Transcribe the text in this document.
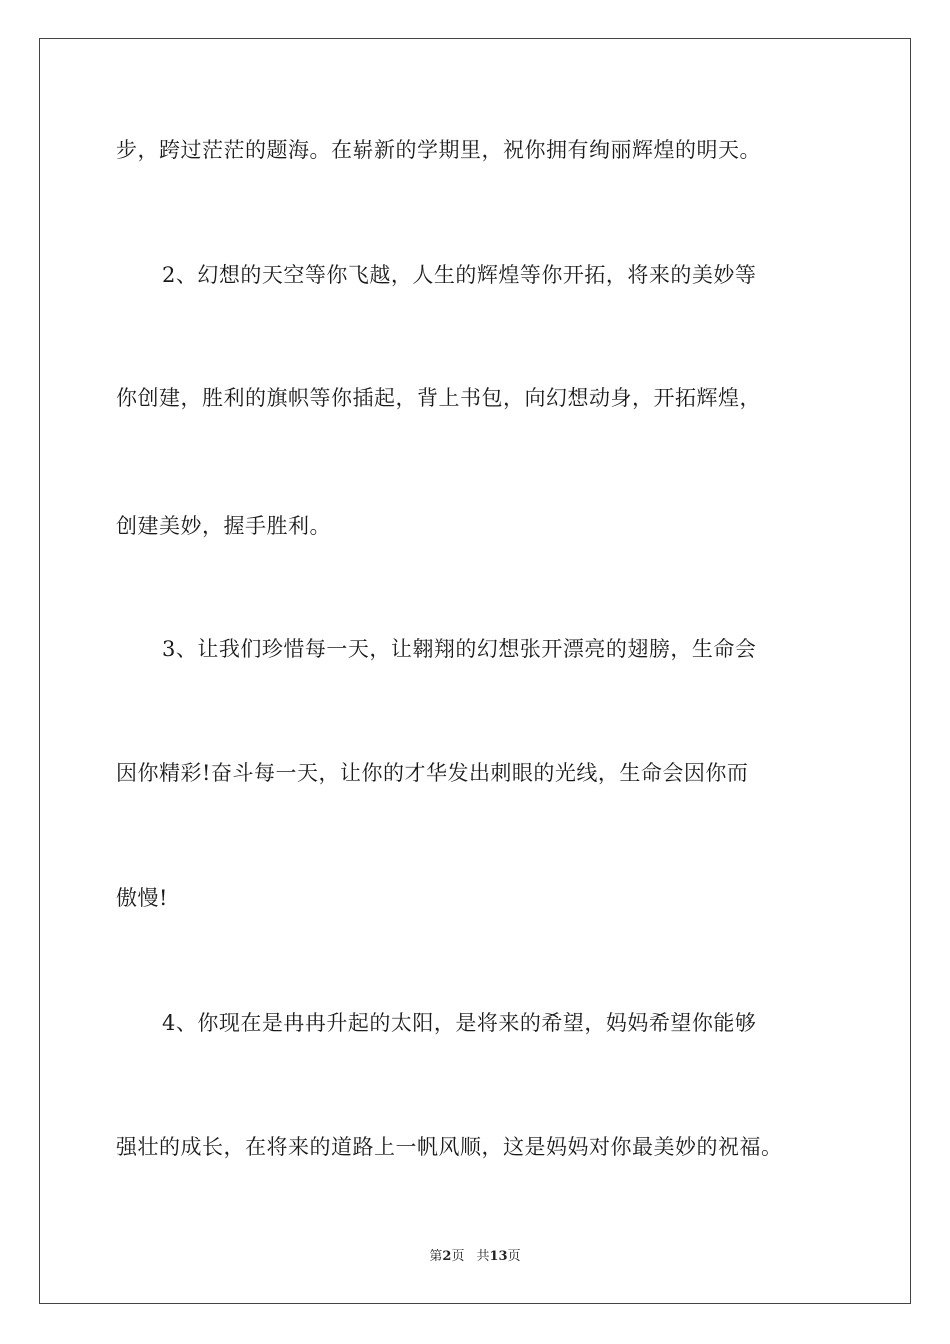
步，跨过茫茫的题海。在崭新的学期里，祝你拥有绚丽辉煌的明天。
2、幻想的天空等你飞越，人生的辉煌等你开拓，将来的美妙等
你创建，胜利的旗帜等你插起，背上书包，向幻想动身，开拓辉煌，
创建美妙，握手胜利。
3、让我们珍惜每一天，让翱翔的幻想张开漂亮的翅膀，生命会
因你精彩!奋斗每一天，让你的才华发出刺眼的光线，生命会因你而
傲慢!
4、你现在是冉冉升起的太阳，是将来的希望，妈妈希望你能够
强壮的成长，在将来的道路上一帆风顺，这是妈妈对你最美妙的祝福。
第2页 共13页
